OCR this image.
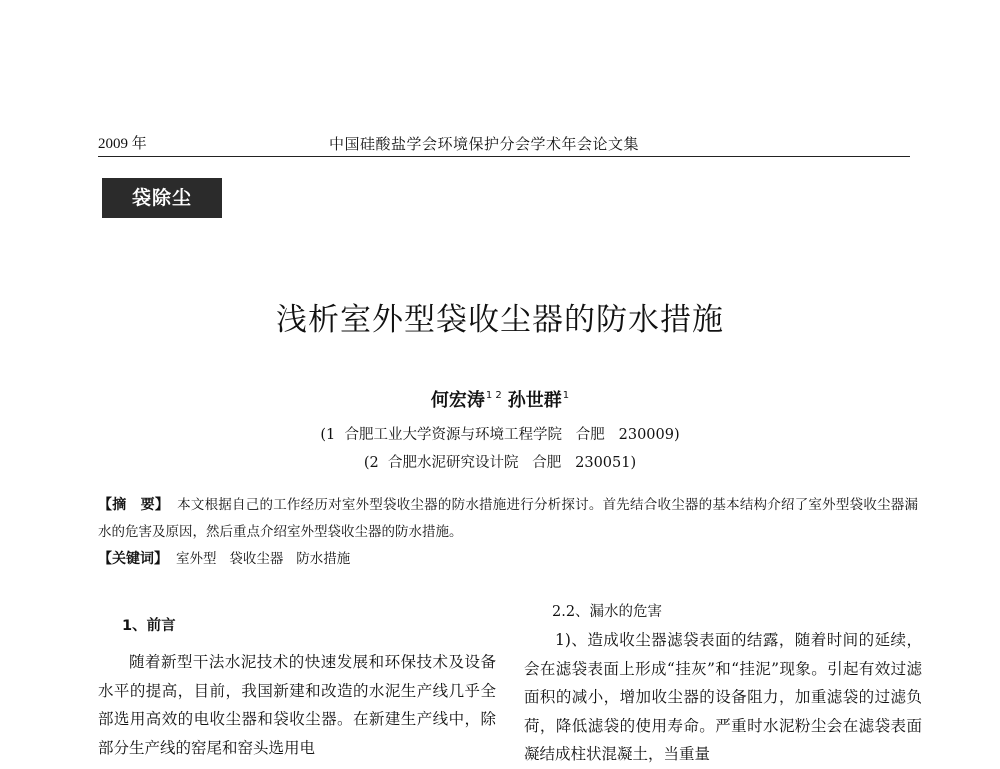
2009 年	中国硅酸盐学会环境保护分会学术年会论文集
袋除尘
浅析室外型袋收尘器的防水措施
何宏涛$^{1 2}$ 孙世群$^1$
(1  合肥工业大学资源与环境工程学院   合肥   230009)
(2  合肥水泥研究设计院   合肥   230051)
【摘　要】 本文根据自己的工作经历对室外型袋收尘器的防水措施进行分析探讨。首先结合收尘器的基本结构介绍了室外型袋收尘器漏水的危害及原因，然后重点介绍室外型袋收尘器的防水措施。
【关键词】 室外型   袋收尘器   防水措施
1、前言

随着新型干法水泥技术的快速发展和环保技术及设备水平的提高，目前，我国新建和改造的水泥生产线几乎全部选用高效的电收尘器和袋收尘器。在新建生产线中，除部分生产线的窑尾和窑头选用电

2.2、漏水的危害

1)、造成收尘器滤袋表面的结露，随着时间的延续，会在滤袋表面上形成“挂灰”和“挂泥”现象。引起有效过滤面积的减小，增加收尘器的设备阻力，加重滤袋的过滤负荷，降低滤袋的使用寿命。严重时水泥粉尘会在滤袋表面凝结成柱状混凝土，当重量
